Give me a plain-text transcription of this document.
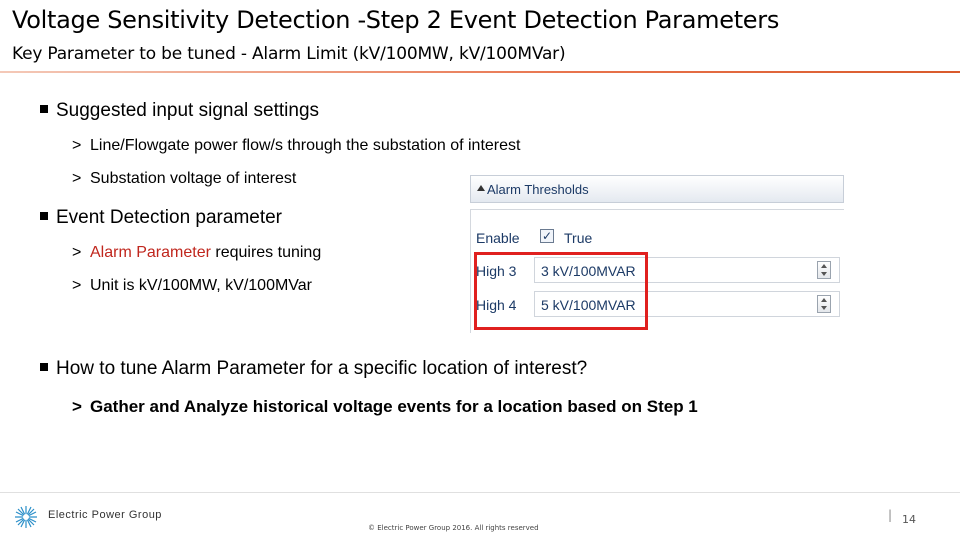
Voltage Sensitivity Detection -Step 2 Event Detection Parameters
Key Parameter to be tuned - Alarm Limit (kV/100MW, kV/100MVar)
Suggested input signal settings
> Line/Flowgate power flow/s through the substation of interest
> Substation voltage of interest
Event Detection parameter
> Alarm Parameter requires tuning
> Unit is kV/100MW, kV/100MVar
How to tune Alarm Parameter for a specific location of interest?
> Gather and Analyze historical voltage events for a location based on Step 1
Alarm Thresholds
Enable ✓ True
High 3 3 kV/100MVAR
High 4 5 kV/100MVAR
Electric Power Group
© Electric Power Group 2016. All rights reserved
| 14
